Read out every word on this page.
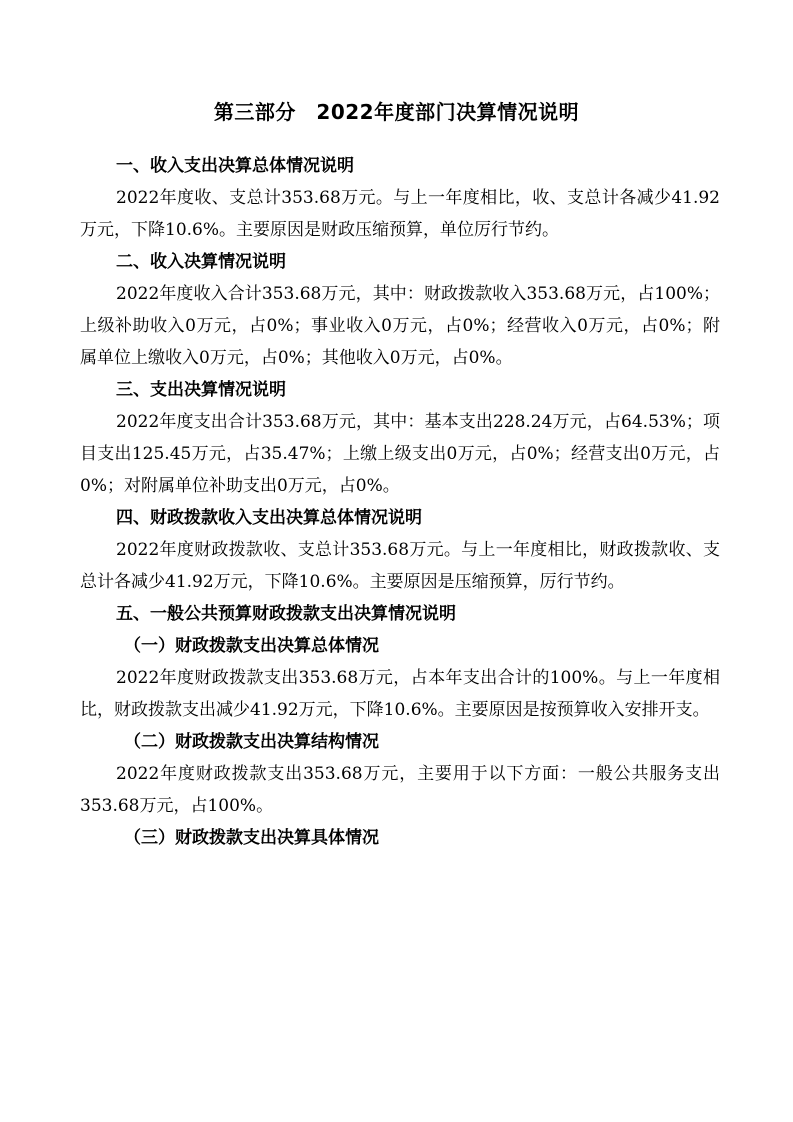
第三部分　2022年度部门决算情况说明

一、收入支出决算总体情况说明

2022年度收、支总计353.68万元。与上一年度相比，收、支总计各减少41.92万元，下降10.6%。主要原因是财政压缩预算，单位厉行节约。

二、收入决算情况说明

2022年度收入合计353.68万元，其中：财政拨款收入353.68万元，占100%；上级补助收入0万元，占0%；事业收入0万元，占0%；经营收入0万元，占0%；附属单位上缴收入0万元，占0%；其他收入0万元，占0%。

三、支出决算情况说明

2022年度支出合计353.68万元，其中：基本支出228.24万元，占64.53%；项目支出125.45万元，占35.47%；上缴上级支出0万元，占0%；经营支出0万元，占0%；对附属单位补助支出0万元，占0%。

四、财政拨款收入支出决算总体情况说明

2022年度财政拨款收、支总计353.68万元。与上一年度相比，财政拨款收、支总计各减少41.92万元，下降10.6%。主要原因是压缩预算，厉行节约。

五、一般公共预算财政拨款支出决算情况说明

（一）财政拨款支出决算总体情况

2022年度财政拨款支出353.68万元，占本年支出合计的100%。与上一年度相比，财政拨款支出减少41.92万元，下降10.6%。主要原因是按预算收入安排开支。

（二）财政拨款支出决算结构情况

2022年度财政拨款支出353.68万元，主要用于以下方面：一般公共服务支出353.68万元，占100%。

（三）财政拨款支出决算具体情况
